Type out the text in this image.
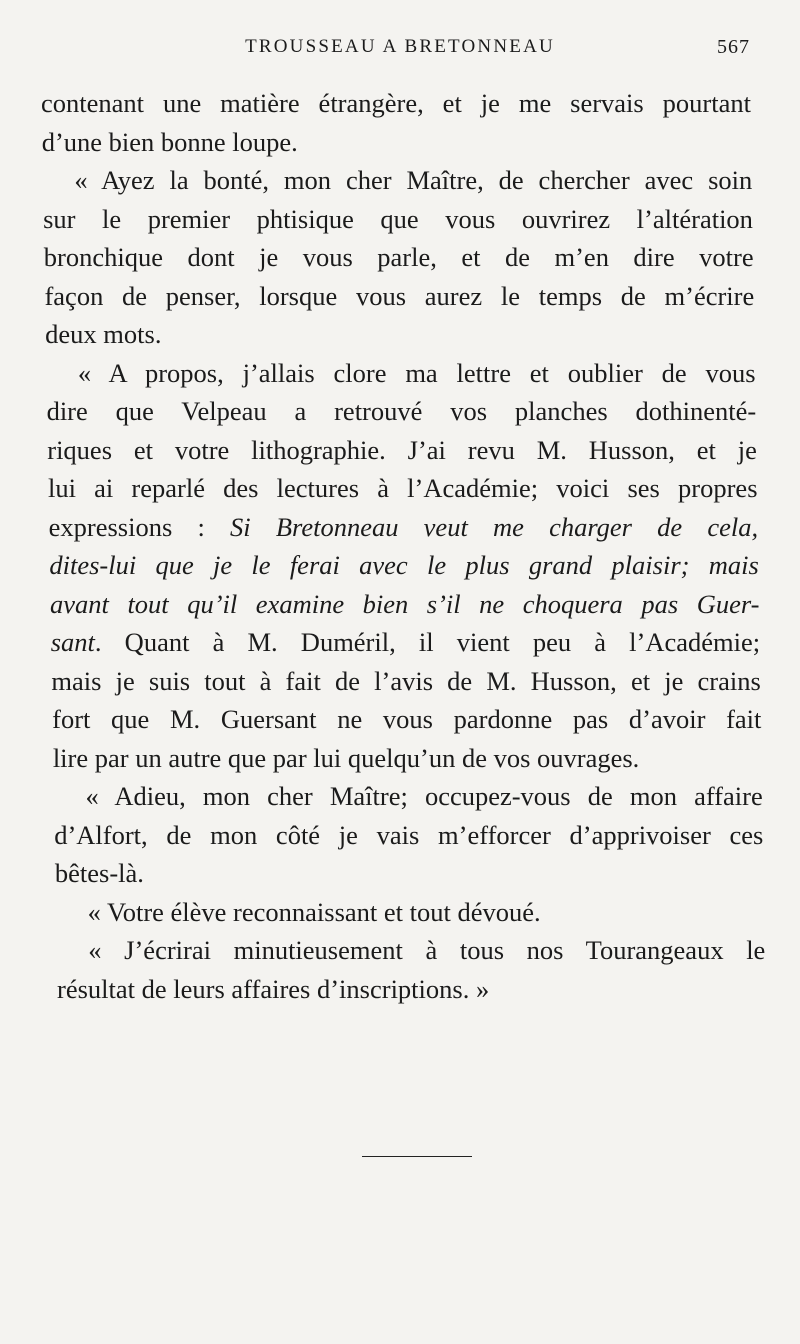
TROUSSEAU A BRETONNEAU	567
contenant une matière étrangère, et je me servais pourtant
d’une bien bonne loupe.
« Ayez la bonté, mon cher Maître, de chercher avec soin
sur le premier phtisique que vous ouvrirez l’altération
bronchique dont je vous parle, et de m’en dire votre
façon de penser, lorsque vous aurez le temps de m’écrire
deux mots.
« A propos, j’allais clore ma lettre et oublier de vous
dire que Velpeau a retrouvé vos planches dothinenté-
riques et votre lithographie. J’ai revu M. Husson, et je
lui ai reparlé des lectures à l’Académie; voici ses propres
expressions : Si Bretonneau veut me charger de cela,
dites-lui que je le ferai avec le plus grand plaisir; mais
avant tout qu’il examine bien s’il ne choquera pas Guer-
sant. Quant à M. Duméril, il vient peu à l’Académie;
mais je suis tout à fait de l’avis de M. Husson, et je crains
fort que M. Guersant ne vous pardonne pas d’avoir fait
lire par un autre que par lui quelqu’un de vos ouvrages.
« Adieu, mon cher Maître; occupez-vous de mon affaire
d’Alfort, de mon côté je vais m’efforcer d’apprivoiser ces
bêtes-là.
« Votre élève reconnaissant et tout dévoué.
« J’écrirai minutieusement à tous nos Tourangeaux le
résultat de leurs affaires d’inscriptions. »
